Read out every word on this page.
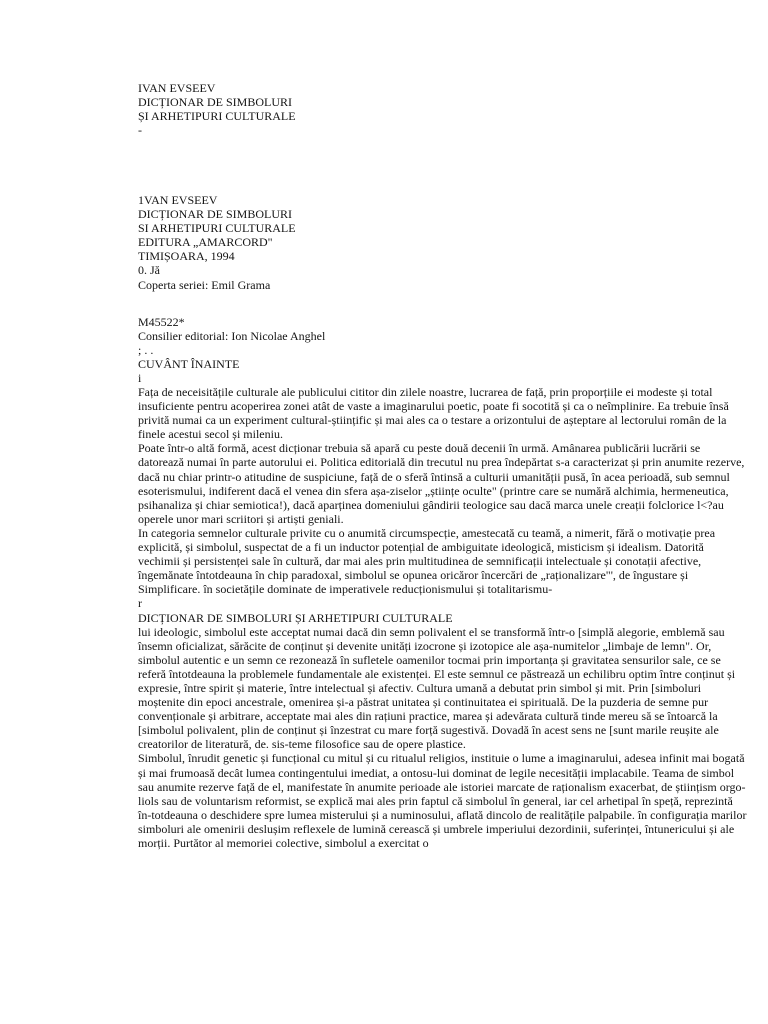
IVAN EVSEEV
DICȚIONAR DE SIMBOLURI
ȘI ARHETIPURI CULTURALE
-
1VAN EVSEEV
DICȚIONAR DE SIMBOLURI
SI ARHETIPURI CULTURALE
EDITURA „AMARCORD"
TIMIȘOARA, 1994
0. Jă
Coperta seriei: Emil Grama
M45522*
Consilier editorial: Ion Nicolae Anghel
; . .
CUVÂNT ÎNAINTE
i
Fața de neceisitățile culturale ale publicului cititor din zilele noastre, lucrarea de față, prin proporțiile ei modeste și total insuficiente pentru acoperirea zonei atât de vaste a imaginarului poetic, poate fi socotită și ca o neîmplinire. Ea trebuie însă privită numai ca un experiment cultural-științific și mai ales ca o testare a orizontului de așteptare al lectorului român de la finele acestui secol și mileniu.
Poate într-o altă formă, acest dicționar trebuia să apară cu peste două decenii în urmă. Amânarea publicării lucrării se datorează numai în parte autorului ei. Politica editorială din trecutul nu prea îndepărtat s-a caracterizat și prin anumite rezerve, dacă nu chiar printr-o atitudine de suspiciune, față de o sferă întinsă a culturii umanității pusă, în acea perioadă, sub semnul esoterismului, indiferent dacă el venea din sfera așa-ziselor „științe oculte" (printre care se numără alchimia, hermeneutica, psihanaliza și chiar semiotica!), dacă aparținea domeniului gândirii teologice sau dacă marca unele creații folclorice l<?au operele unor mari scriitori și artiști geniali.
In categoria semnelor culturale privite cu o anumită circumspecție, amestecată cu teamă, a nimerit, fără o motivație prea explicită, și simbolul, suspectat de a fi un inductor potențial de ambiguitate ideologică, misticism și idealism. Datorită vechimii și persistenței sale în cultură, dar mai ales prin multitudinea de semnificații intelectuale și conotații afective, îngemănate întotdeauna în chip paradoxal, simbolul se opunea oricăror încercări de „raționalizare"', de îngustare și Simplificare. în societățile dominate de imperativele reducționismului și totalitarismu-
r
DICȚIONAR DE SIMBOLURI ȘI ARHETIPURI CULTURALE
lui ideologic, simbolul este acceptat numai dacă din semn polivalent el se transformă într-o [simplă alegorie, emblemă sau însemn oficializat, sărăcite de conținut și devenite unități izocrone și izotopice ale așa-numitelor „limbaje de lemn". Or, simbolul autentic e un semn ce rezonează în sufletele oamenilor tocmai prin importanța și gravitatea sensurilor sale, ce se referă întotdeauna la problemele fundamentale ale existenței. El este semnul ce păstrează un echilibru optim între conținut și expresie, între spirit și materie, între intelectual și afectiv. Cultura umană a debutat prin simbol și mit. Prin [simboluri moștenite din epoci ancestrale, omenirea și-a păstrat unitatea și continuitatea ei spirituală. De la puzderia de semne pur convenționale și arbitrare, acceptate mai ales din rațiuni practice, marea și adevărata cultură tinde mereu să se întoarcă la [simbolul polivalent, plin de conținut și înzestrat cu mare forță sugestivă. Dovadă în acest sens ne [sunt marile reușite ale creatorilor de literatură, de. sis-teme filosofice sau de opere plastice.
Simbolul, înrudit genetic și funcțional cu mitul și cu ritualul religios, instituie o lume a imaginarului, adesea infinit mai bogată și mai frumoasă decât lumea contingentului imediat, a ontosu-lui dominat de legile necesității implacabile. Teama de simbol sau anumite rezerve față de el, manifestate în anumite perioade ale istoriei marcate de raționalism exacerbat, de științism orgo-liols sau de voluntarism reformist, se explică mai ales prin faptul că simbolul în general, iar cel arhetipal în speță, reprezintă în-totdeauna o deschidere spre lumea misterului și a numinosului, aflată dincolo de realitățile palpabile. în configurația marilor simboluri ale omenirii deslușim reflexele de lumină cerească și umbrele imperiului dezordinii, suferinței, întunericului și ale morții. Purtător al memoriei colective, simbolul a exercitat o
